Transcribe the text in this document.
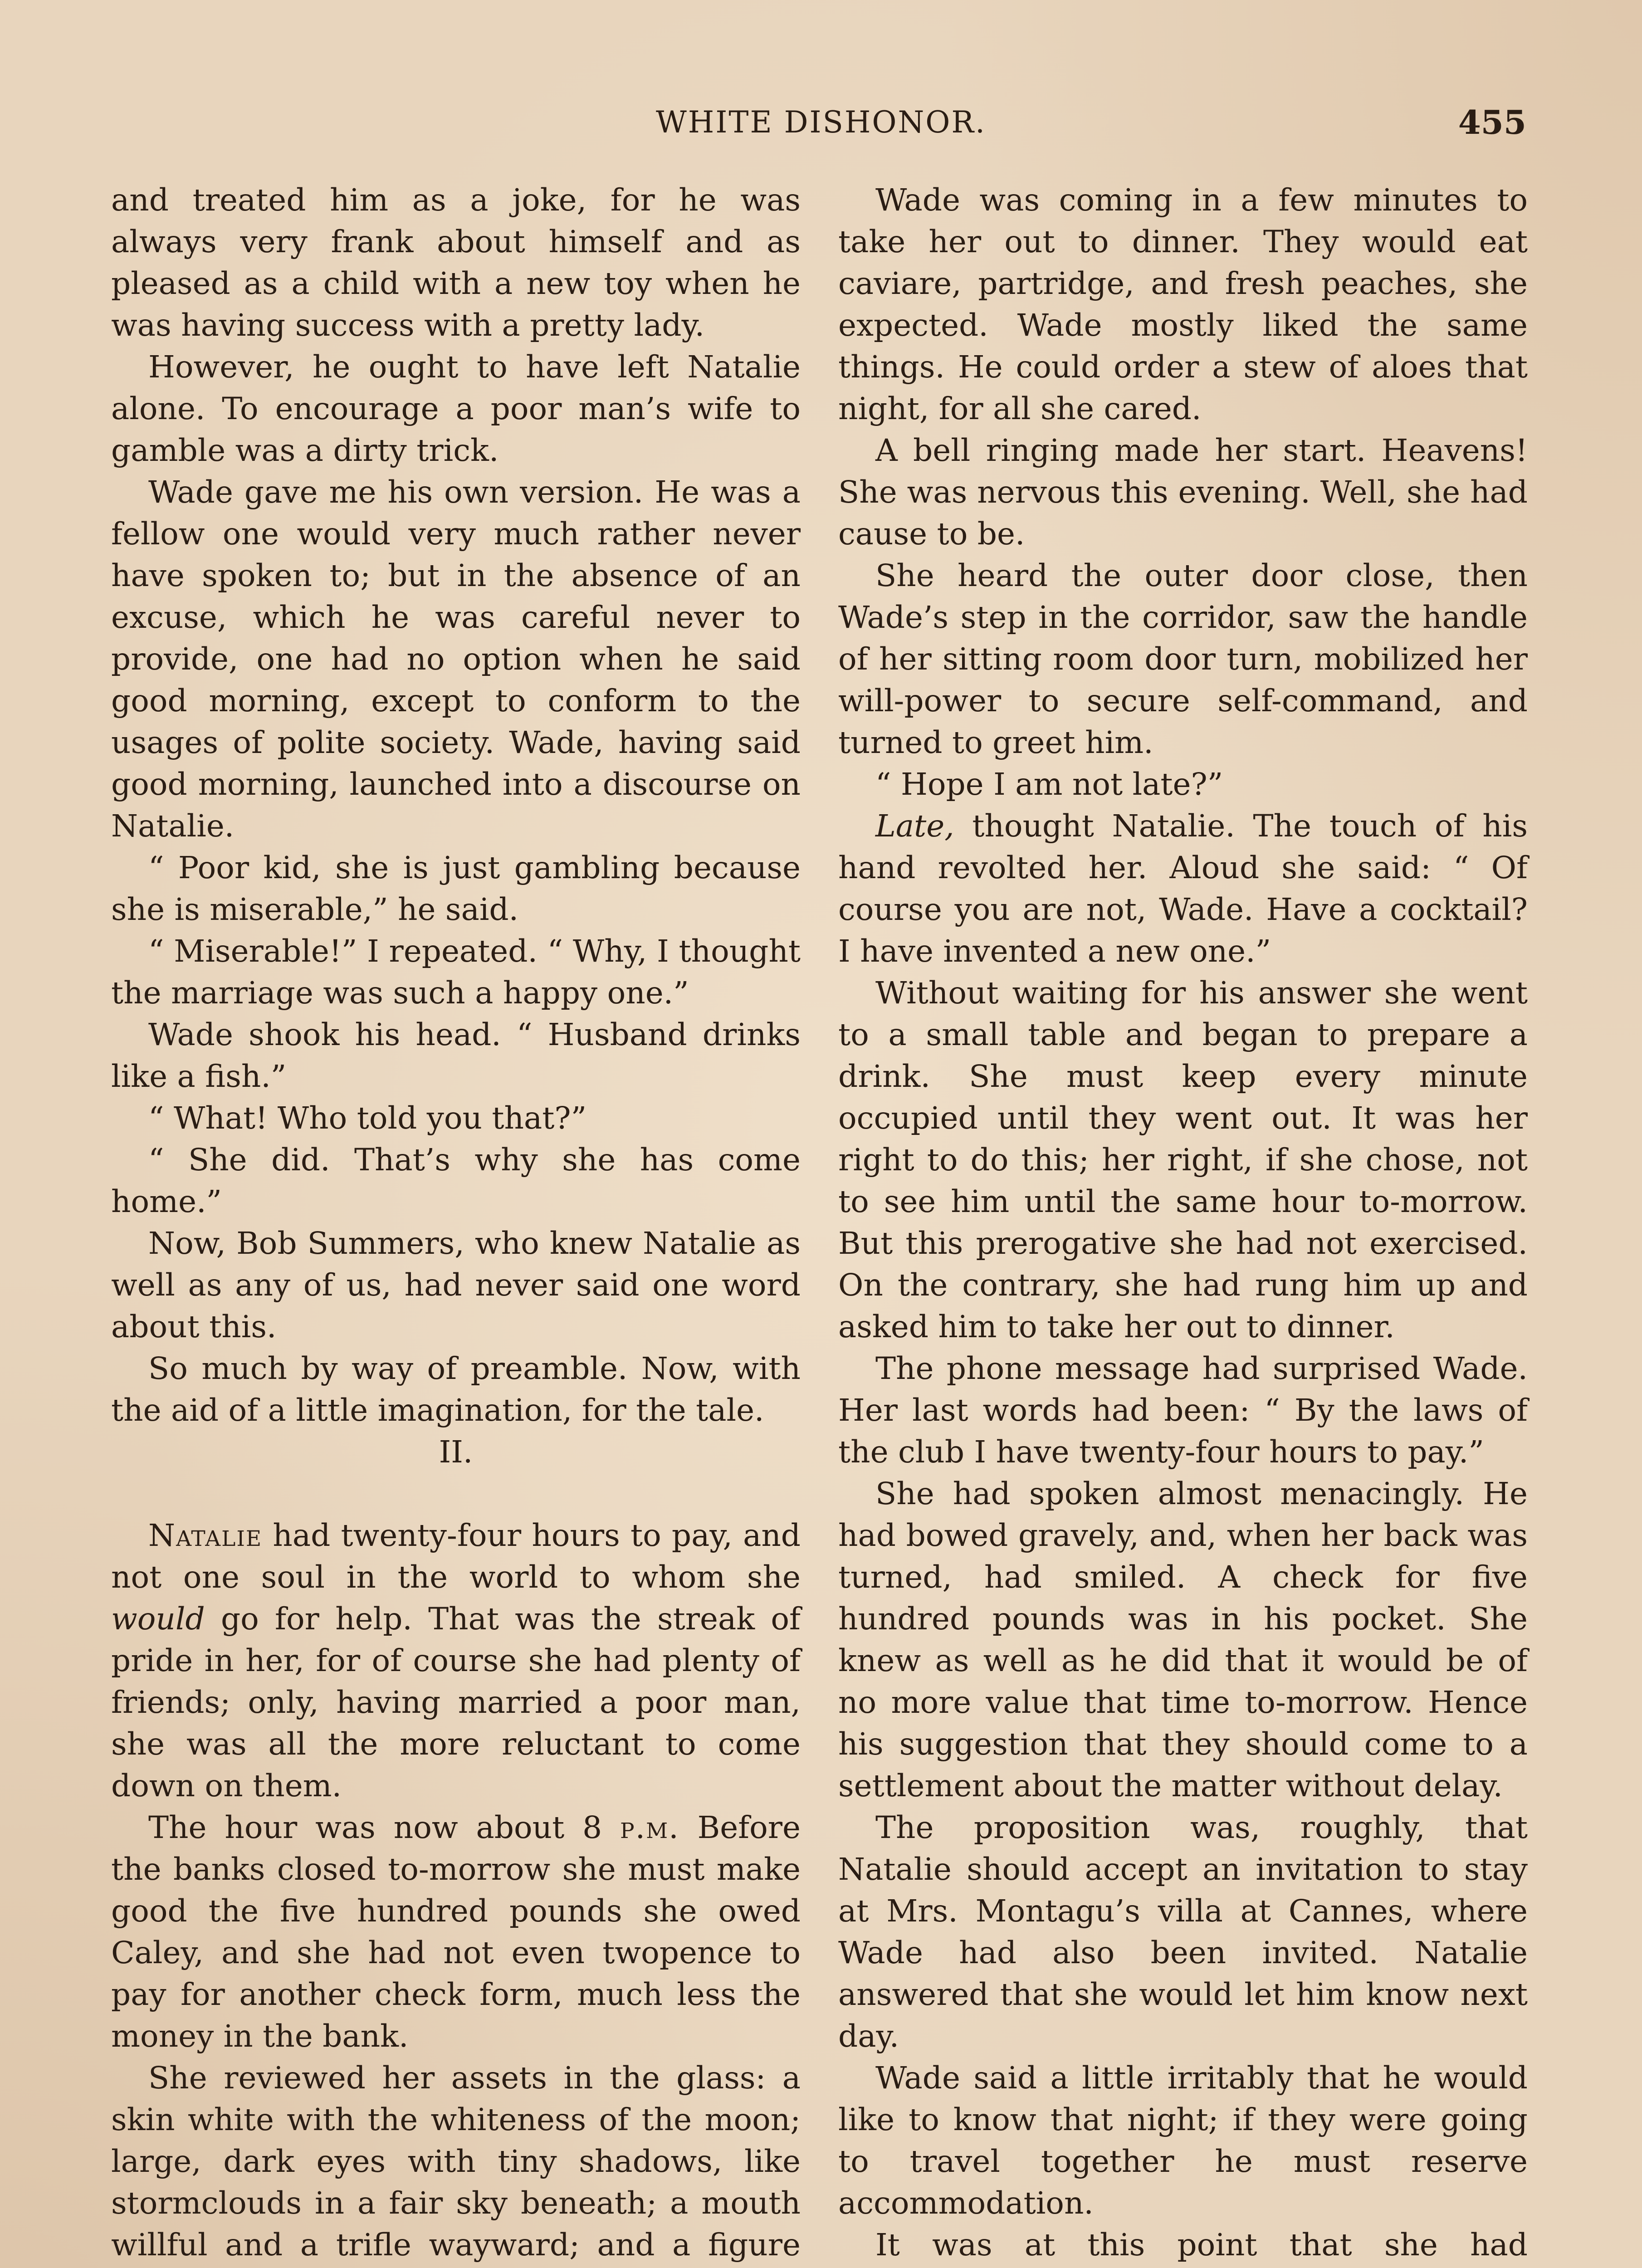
WHITE DISHONOR.	455

and treated him as a joke, for he was always very frank about himself and as pleased as a child with a new toy when he was having success with a pretty lady.

However, he ought to have left Natalie alone. To encourage a poor man’s wife to gamble was a dirty trick.

Wade gave me his own version. He was a fellow one would very much rather never have spoken to; but in the absence of an excuse, which he was careful never to provide, one had no option when he said good morning, except to conform to the usages of polite society. Wade, having said good morning, launched into a discourse on Natalie.

“ Poor kid, she is just gambling because she is miserable,” he said.

“ Miserable!” I repeated. “ Why, I thought the marriage was such a happy one.”

Wade shook his head. “ Husband drinks like a fish.”

“ What! Who told you that?”

“ She did. That’s why she has come home.”

Now, Bob Summers, who knew Natalie as well as any of us, had never said one word about this.

So much by way of preamble. Now, with the aid of a little imagination, for the tale.

II.

Natalie had twenty-four hours to pay, and not one soul in the world to whom she would go for help. That was the streak of pride in her, for of course she had plenty of friends; only, having married a poor man, she was all the more reluctant to come down on them.

The hour was now about 8 p.m. Before the banks closed to-morrow she must make good the five hundred pounds she owed Caley, and she had not even twopence to pay for another check form, much less the money in the bank.

She reviewed her assets in the glass: a skin white with the whiteness of the moon; large, dark eyes with tiny shadows, like stormclouds in a fair sky beneath; a mouth willful and a trifle wayward; and a figure

Wade was coming in a few minutes to take her out to dinner. They would eat caviare, partridge, and fresh peaches, she expected. Wade mostly liked the same things. He could order a stew of aloes that night, for all she cared.

A bell ringing made her start. Heavens! She was nervous this evening. Well, she had cause to be.

She heard the outer door close, then Wade’s step in the corridor, saw the handle of her sitting room door turn, mobilized her will-power to secure self-command, and turned to greet him.

“ Hope I am not late?”

Late, thought Natalie. The touch of his hand revolted her. Aloud she said: “ Of course you are not, Wade. Have a cocktail? I have invented a new one.”

Without waiting for his answer she went to a small table and began to prepare a drink. She must keep every minute occupied until they went out. It was her right to do this; her right, if she chose, not to see him until the same hour to-morrow. But this prerogative she had not exercised. On the contrary, she had rung him up and asked him to take her out to dinner.

The phone message had surprised Wade. Her last words had been: “ By the laws of the club I have twenty-four hours to pay.”

She had spoken almost menacingly. He had bowed gravely, and, when her back was turned, had smiled. A check for five hundred pounds was in his pocket. She knew as well as he did that it would be of no more value that time to-morrow. Hence his suggestion that they should come to a settlement about the matter without delay.

The proposition was, roughly, that Natalie should accept an invitation to stay at Mrs. Montagu’s villa at Cannes, where Wade had also been invited. Natalie answered that she would let him know next day.

Wade said a little irritably that he would like to know that night; if they were going to travel together he must reserve accommodation.

It was at this point that she had
